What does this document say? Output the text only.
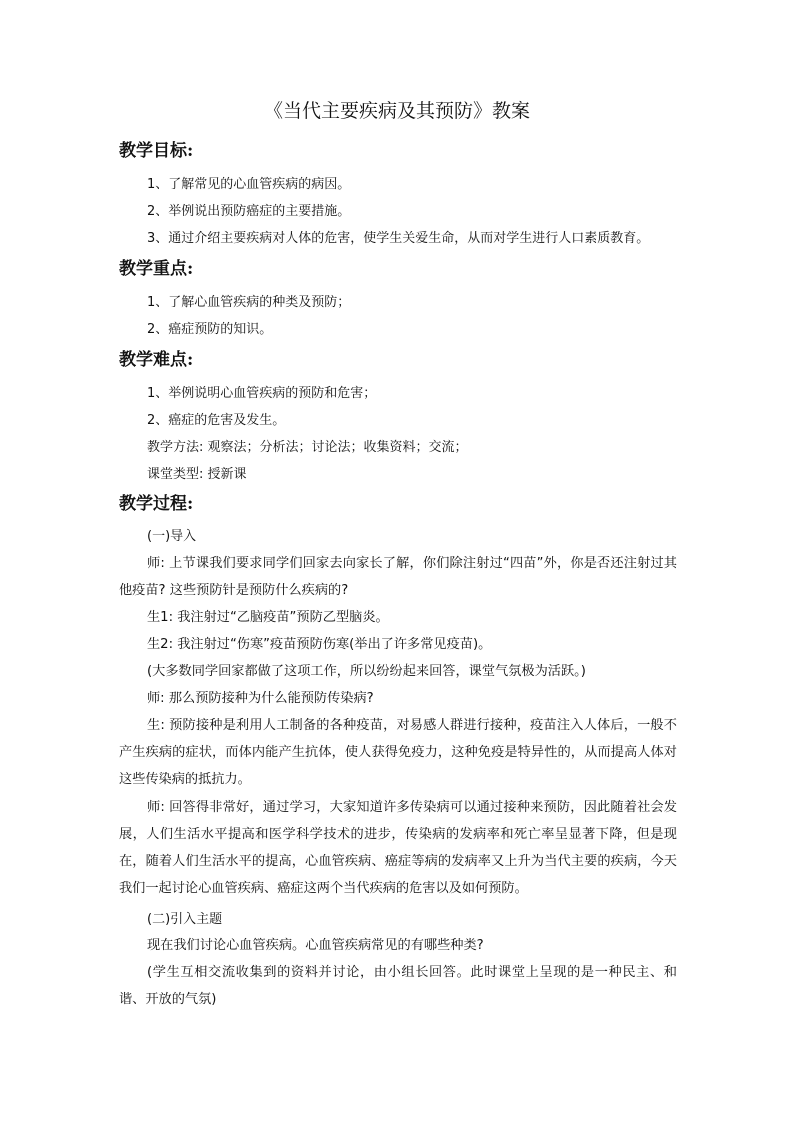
《当代主要疾病及其预防》教案
教学目标:
1、了解常见的心血管疾病的病因。
2、举例说出预防癌症的主要措施。
3、通过介绍主要疾病对人体的危害，使学生关爱生命，从而对学生进行人口素质教育。
教学重点:
1、了解心血管疾病的种类及预防；
2、癌症预防的知识。
教学难点:
1、举例说明心血管疾病的预防和危害；
2、癌症的危害及发生。
教学方法: 观察法；分析法；讨论法；收集资料；交流；
课堂类型: 授新课
教学过程:
(一)导入

师: 上节课我们要求同学们回家去向家长了解，你们除注射过“四苗”外，你是否还注射过其他疫苗? 这些预防针是预防什么疾病的?

生1: 我注射过“乙脑疫苗”预防乙型脑炎。

生2: 我注射过“伤寒”疫苗预防伤寒(举出了许多常见疫苗)。

(大多数同学回家都做了这项工作，所以纷纷起来回答，课堂气氛极为活跃。)

师: 那么预防接种为什么能预防传染病?

生: 预防接种是利用人工制备的各种疫苗，对易感人群进行接种，疫苗注入人体后，一般不产生疾病的症状，而体内能产生抗体，使人获得免疫力，这种免疫是特异性的，从而提高人体对这些传染病的抵抗力。

师: 回答得非常好，通过学习，大家知道许多传染病可以通过接种来预防，因此随着社会发展，人们生活水平提高和医学科学技术的进步，传染病的发病率和死亡率呈显著下降，但是现在，随着人们生活水平的提高，心血管疾病、癌症等病的发病率又上升为当代主要的疾病，今天我们一起讨论心血管疾病、癌症这两个当代疾病的危害以及如何预防。

(二)引入主题

现在我们讨论心血管疾病。心血管疾病常见的有哪些种类?

(学生互相交流收集到的资料并讨论，由小组长回答。此时课堂上呈现的是一种民主、和谐、开放的气氛)
